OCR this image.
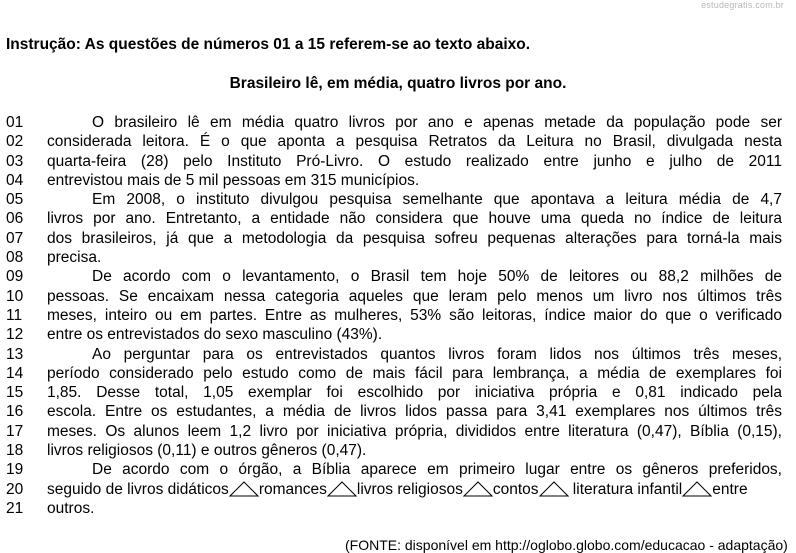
estudegratis.com.br
Instrução: As questões de números 01 a 15 referem-se ao texto abaixo.
Brasileiro lê, em média, quatro livros por ano.
01	O brasileiro lê em média quatro livros por ano e apenas metade da população pode ser
02 considerada leitora. É o que aponta a pesquisa Retratos da Leitura no Brasil, divulgada nesta
03 quarta-feira (28) pelo Instituto Pró-Livro. O estudo realizado entre junho e julho de 2011
04 entrevistou mais de 5 mil pessoas em 315 municípios.
05	Em 2008, o instituto divulgou pesquisa semelhante que apontava a leitura média de 4,7
06 livros por ano. Entretanto, a entidade não considera que houve uma queda no índice de leitura
07 dos brasileiros, já que a metodologia da pesquisa sofreu pequenas alterações para torná-la mais
08 precisa.
09	De acordo com o levantamento, o Brasil tem hoje 50% de leitores ou 88,2 milhões de
10 pessoas. Se encaixam nessa categoria aqueles que leram pelo menos um livro nos últimos três
11 meses, inteiro ou em partes. Entre as mulheres, 53% são leitoras, índice maior do que o verificado
12 entre os entrevistados do sexo masculino (43%).
13	Ao perguntar para os entrevistados quantos livros foram lidos nos últimos três meses,
14 período considerado pelo estudo como de mais fácil para lembrança, a média de exemplares foi
15 1,85. Desse total, 1,05 exemplar foi escolhido por iniciativa própria e 0,81 indicado pela
16 escola. Entre os estudantes, a média de livros lidos passa para 3,41 exemplares nos últimos três
17 meses. Os alunos leem 1,2 livro por iniciativa própria, divididos entre literatura (0,47), Bíblia (0,15),
18 livros religiosos (0,11) e outros gêneros (0,47).
19	De acordo com o órgão, a Bíblia aparece em primeiro lugar entre os gêneros preferidos,
20 seguido de livros didáticos romances livros religiosos contos
literatura infantil entre
21 outros.
(FONTE: disponível em http://oglobo.globo.com/educacao - adaptação)
